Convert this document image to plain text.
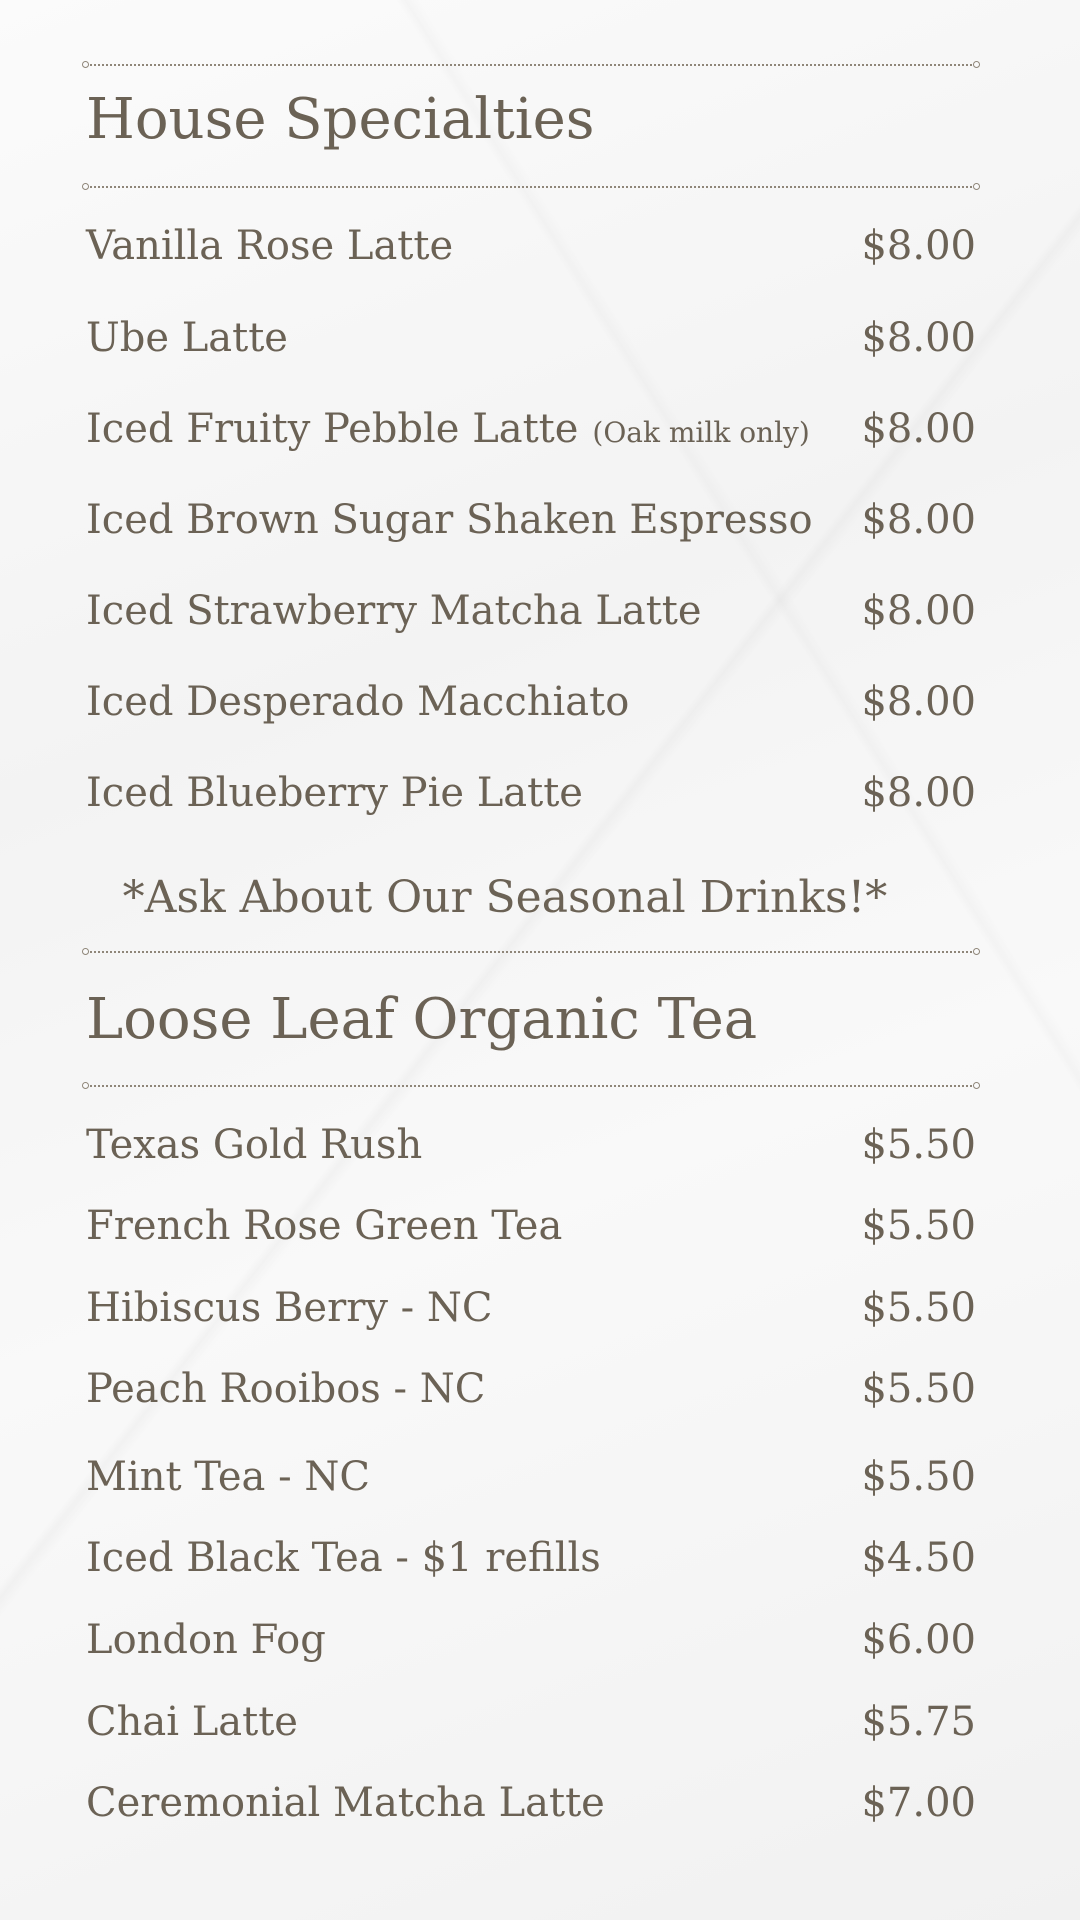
House Specialties
Vanilla Rose Latte	$8.00
Ube Latte	$8.00
Iced Fruity Pebble Latte (Oak milk only) $8.00
Iced Brown Sugar Shaken Espresso $8.00
Iced Strawberry Matcha Latte	$8.00
Iced Desperado Macchiato	$8.00
Iced Blueberry Pie Latte	$8.00
*Ask About Our Seasonal Drinks!*
Loose Leaf Organic Tea
Texas Gold Rush	$5.50
French Rose Green Tea	$5.50
Hibiscus Berry - NC	$5.50
Peach Rooibos - NC	$5.50
Mint Tea - NC	$5.50
Iced Black Tea - $1 refills	$4.50
London Fog	$6.00
Chai Latte	$5.75
Ceremonial Matcha Latte	$7.00
